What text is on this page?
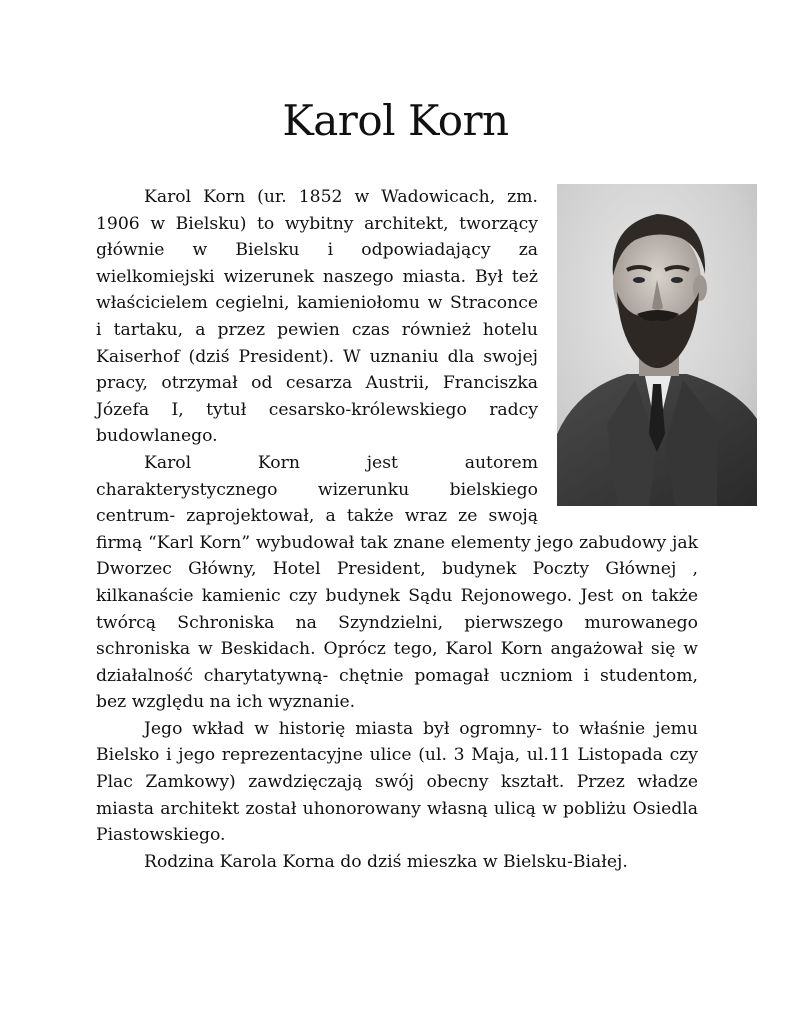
Karol Korn

Karol Korn (ur. 1852 w Wadowicach, zm. 1906 w Bielsku) to wybitny architekt, tworzący głównie w Bielsku i odpowiadający za wielkomiejski wizerunek naszego miasta. Był też właścicielem cegielni, kamieniołomu w Straconce i tartaku, a przez pewien czas również hotelu Kaiserhof (dziś President). W uznaniu dla swojej pracy, otrzymał od cesarza Austrii, Franciszka Józefa I, tytuł cesarsko-królewskiego radcy budowlanego.

Karol Korn jest autorem charakterystycznego wizerunku bielskiego centrum- zaprojektował, a także wraz ze swoją firmą “Karl Korn” wybudował tak znane elementy jego zabudowy jak Dworzec Główny, Hotel President, budynek Poczty Głównej , kilkanaście kamienic czy budynek Sądu Rejonowego. Jest on także twórcą Schroniska na Szyndzielni, pierwszego murowanego schroniska w Beskidach. Oprócz tego, Karol Korn angażował się w działalność charytatywną- chętnie pomagał uczniom i studentom, bez względu na ich wyznanie.

Jego wkład w historię miasta był ogromny- to właśnie jemu Bielsko i jego reprezentacyjne ulice (ul. 3 Maja, ul.11 Listopada czy Plac Zamkowy) zawdzięczają swój obecny kształt. Przez władze miasta architekt został uhonorowany własną ulicą w pobliżu Osiedla Piastowskiego.

Rodzina Karola Korna do dziś mieszka w Bielsku-Białej.
